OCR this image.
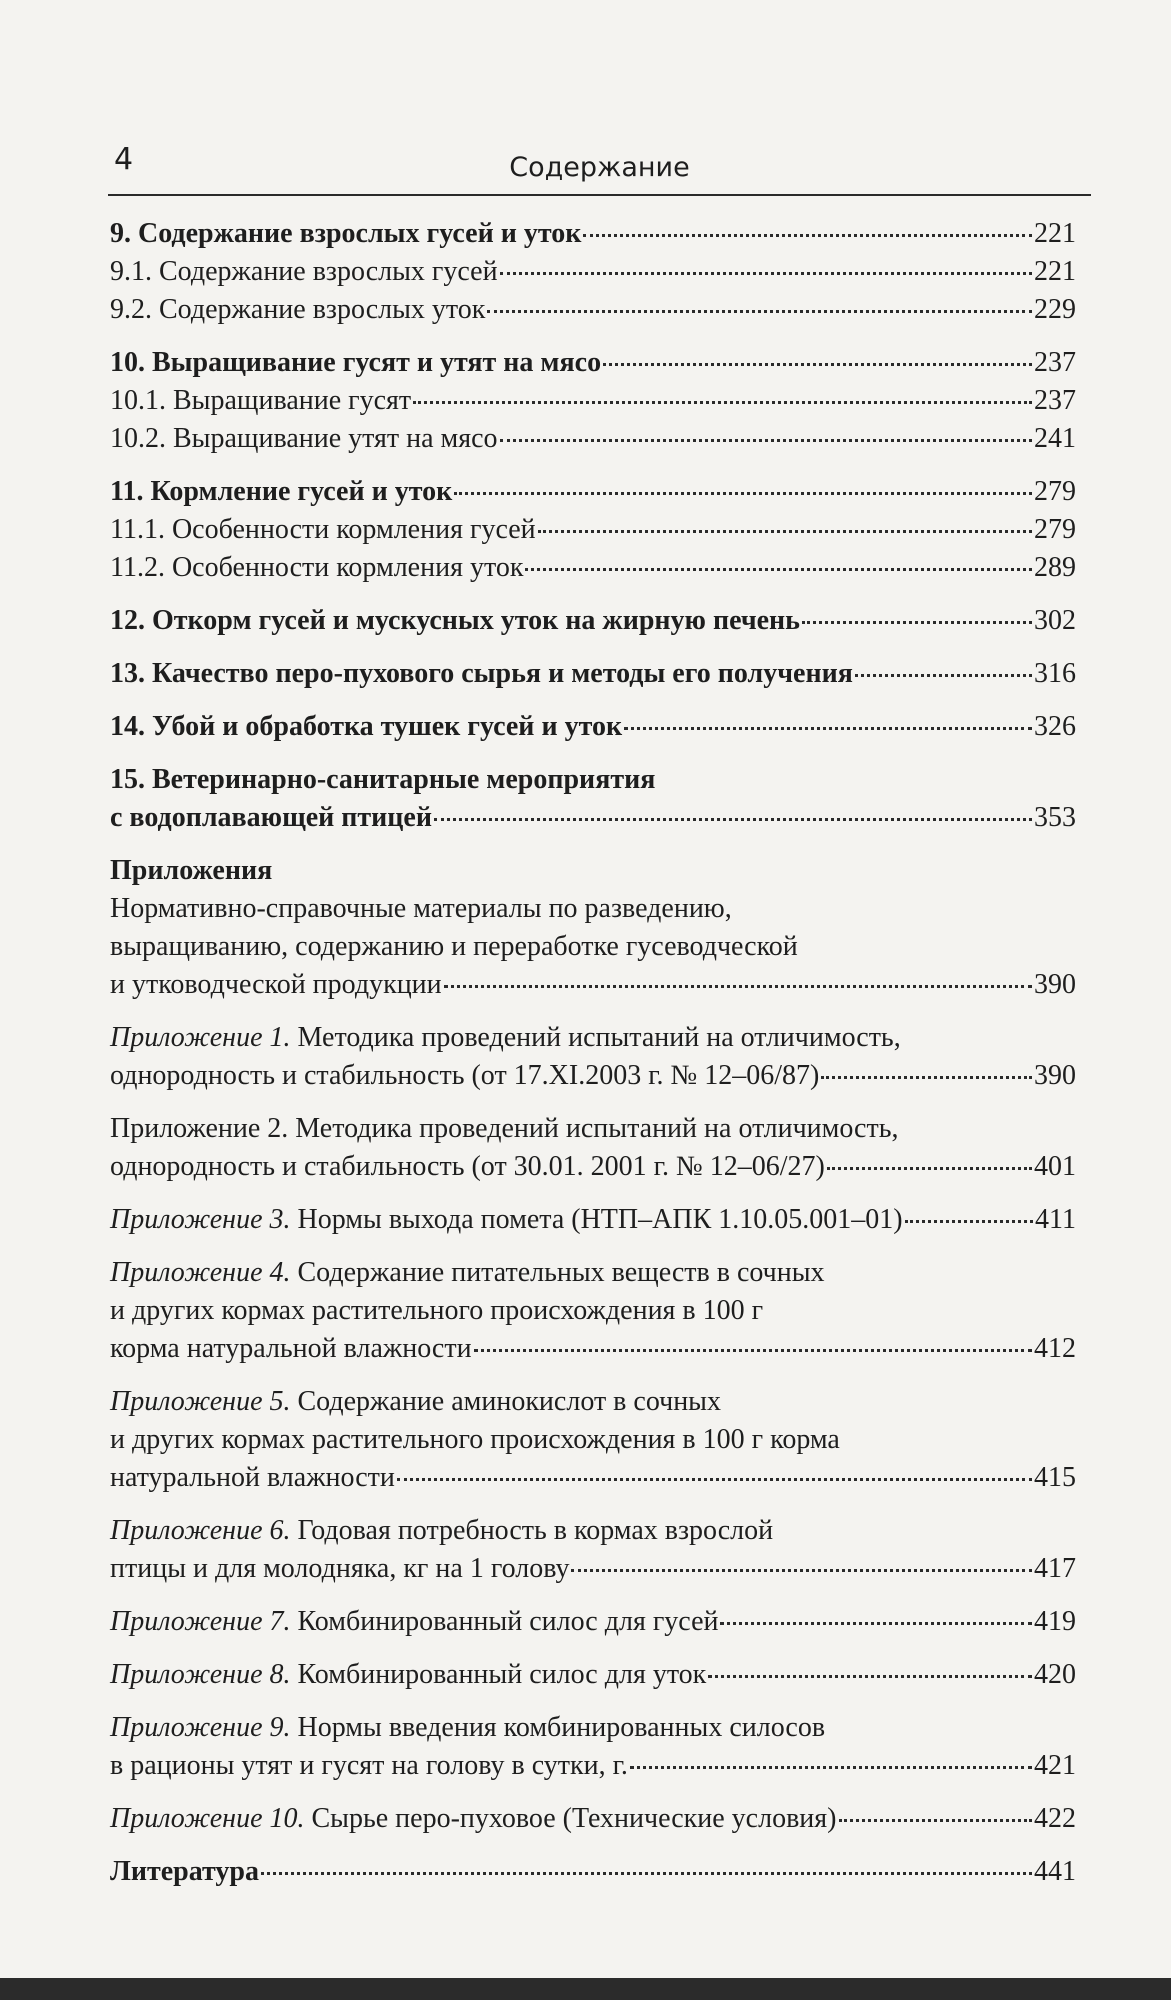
4	Содержание
9. Содержание взрослых гусей и уток	221
9.1. Содержание взрослых гусей	221
9.2. Содержание взрослых уток	229
10. Выращивание гусят и утят на мясо	237
10.1. Выращивание гусят	237
10.2. Выращивание утят на мясо	241
11. Кормление гусей и уток	279
11.1. Особенности кормления гусей	279
11.2. Особенности кормления уток	289
12. Откорм гусей и мускусных уток на жирную печень	302
13. Качество перо-пухового сырья и методы его получения	316
14. Убой и обработка тушек гусей и уток	326
15. Ветеринарно-санитарные мероприятия
с водоплавающей птицей	353
Приложения
Нормативно-справочные материалы по разведению,
выращиванию, содержанию и переработке гусеводческой
и утководческой продукции	390
Приложение 1. Методика проведений испытаний на отличимость,
однородность и стабильность (от 17.XI.2003 г. № 12–06/87)	390
Приложение 2. Методика проведений испытаний на отличимость,
однородность и стабильность (от 30.01. 2001 г. № 12–06/27)	401
Приложение 3. Нормы выхода помета (НТП–АПК 1.10.05.001–01)	411
Приложение 4. Содержание питательных веществ в сочных
и других кормах растительного происхождения в 100 г
корма натуральной влажности	412
Приложение 5. Содержание аминокислот в сочных
и других кормах растительного происхождения в 100 г корма
натуральной влажности	415
Приложение 6. Годовая потребность в кормах взрослой
птицы и для молодняка, кг на 1 голову	417
Приложение 7. Комбинированный силос для гусей	419
Приложение 8. Комбинированный силос для уток	420
Приложение 9. Нормы введения комбинированных силосов
в рационы утят и гусят на голову в сутки, г.	421
Приложение 10. Сырье перо-пуховое (Технические условия)	422
Литература	441
